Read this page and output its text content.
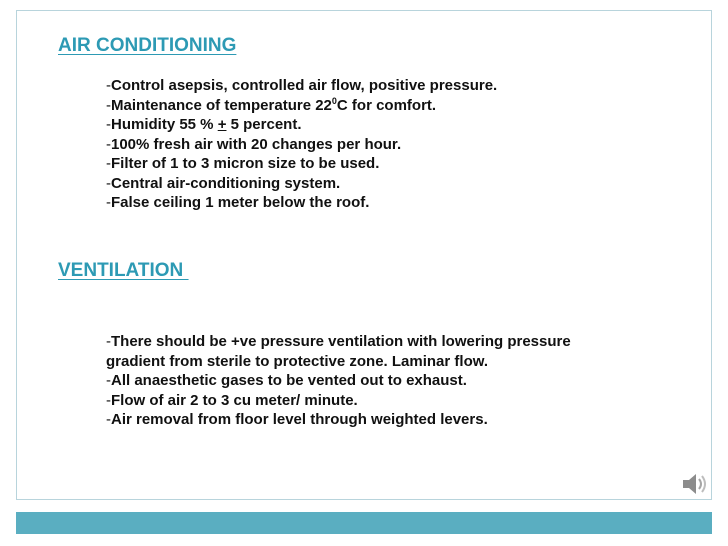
AIR CONDITIONING
-Control asepsis, controlled air flow, positive pressure.
-Maintenance of temperature $22^0C$ for comfort.
-Humidity 55 % + 5 percent.
-100% fresh air with 20 changes per hour.
-Filter of 1 to 3 micron size to be used.
-Central air-conditioning system.
-False ceiling 1 meter below the roof.
VENTILATION
-There should be +ve pressure ventilation with lowering pressure
gradient from sterile to protective zone. Laminar flow.
-All anaesthetic gases to be vented out to exhaust.
-Flow of air 2 to 3 cu meter/ minute.
-Air removal from floor level through weighted levers.
